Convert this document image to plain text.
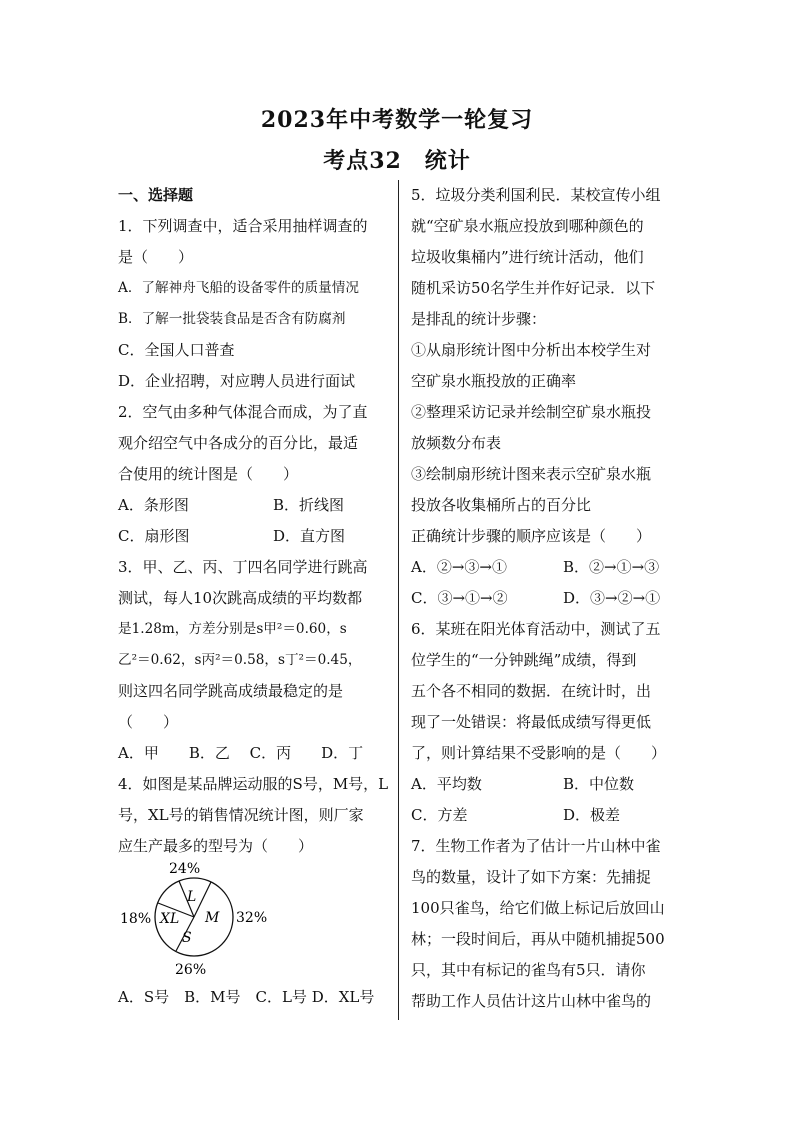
2023年中考数学一轮复习
考点32　统计
一、选择题
1．下列调查中，适合采用抽样调查的
是（　　）
A．了解神舟飞船的设备零件的质量情况
B．了解一批袋装食品是否含有防腐剂
C．全国人口普查
D．企业招聘，对应聘人员进行面试
2．空气由多种气体混合而成，为了直
观介绍空气中各成分的百分比，最适
合使用的统计图是（　　）
A．条形图	B．折线图
C．扇形图	D．直方图
3．甲、乙、丙、丁四名同学进行跳高
测试，每人10次跳高成绩的平均数都
是1.28m，方差分别是s甲²＝0.60，s
乙²＝0.62，s丙²＝0.58，s丁²＝0.45，
则这四名同学跳高成绩最稳定的是
（　　）
A．甲　　B．乙　 C．丙　　D．丁
4．如图是某品牌运动服的S号，M号，L
号，XL号的销售情况统计图，则厂家
应生产最多的型号为（　　）
L
M
S
XL
24%
32%
26%
18%
A．S号　B．M号　C．L号 D．XL号
5．垃圾分类利国利民．某校宣传小组
就“空矿泉水瓶应投放到哪种颜色的
垃圾收集桶内”进行统计活动，他们
随机采访50名学生并作好记录．以下
是排乱的统计步骤：
①从扇形统计图中分析出本校学生对
空矿泉水瓶投放的正确率
②整理采访记录并绘制空矿泉水瓶投
放频数分布表
③绘制扇形统计图来表示空矿泉水瓶
投放各收集桶所占的百分比
正确统计步骤的顺序应该是（　　）
A．②→③→①	B．②→①→③
C．③→①→②	D．③→②→①
6．某班在阳光体育活动中，测试了五
位学生的“一分钟跳绳”成绩，得到
五个各不相同的数据．在统计时，出
现了一处错误：将最低成绩写得更低
了，则计算结果不受影响的是（　　）
A．平均数	B．中位数
C．方差	D．极差
7．生物工作者为了估计一片山林中雀
鸟的数量，设计了如下方案：先捕捉
100只雀鸟，给它们做上标记后放回山
林；一段时间后，再从中随机捕捉500
只，其中有标记的雀鸟有5只．请你
帮助工作人员估计这片山林中雀鸟的
